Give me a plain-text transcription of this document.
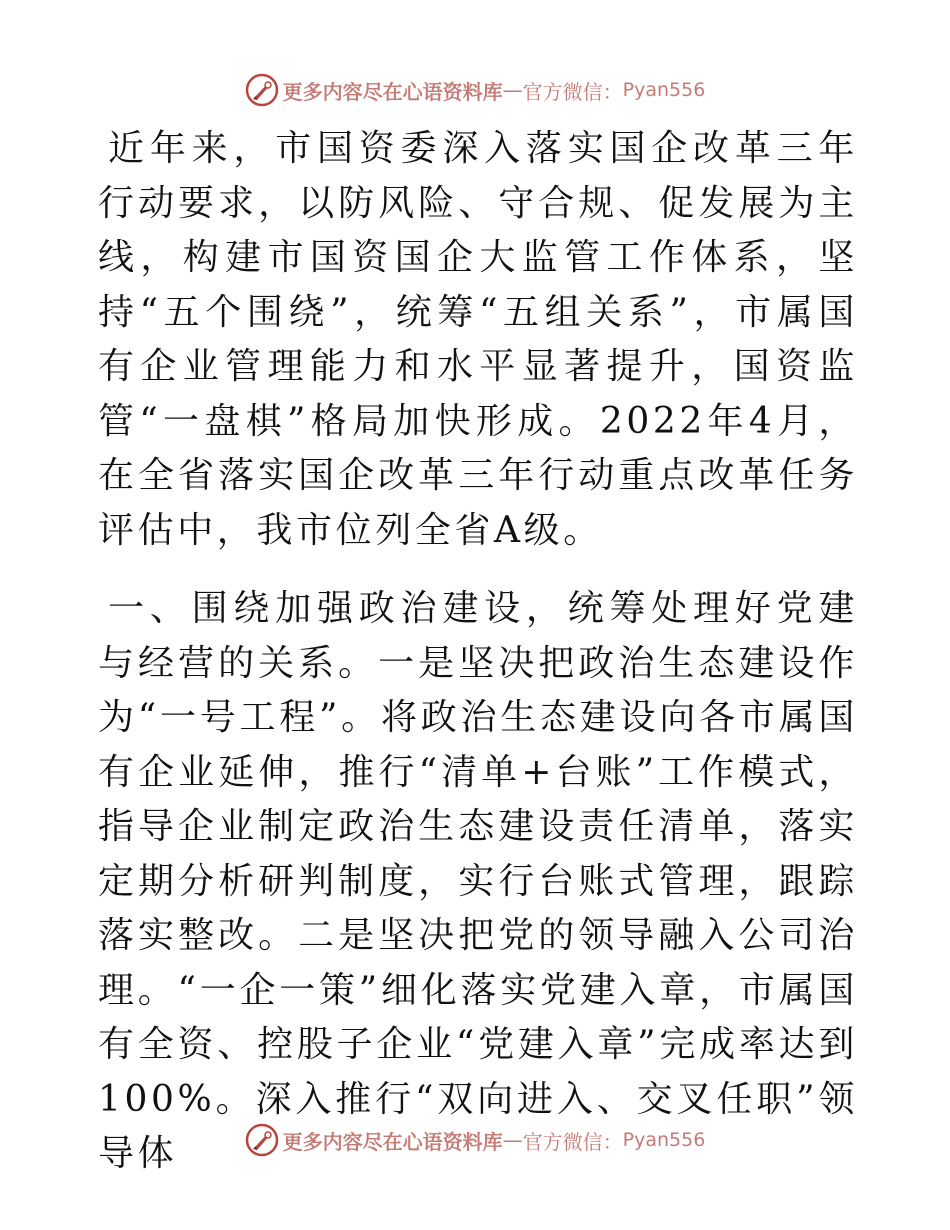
更多内容尽在心语资料库 — 官方微信： Pyan556

近年来，市国资委深入落实国企改革三年行动要求，以防风险、守合规、促发展为主线，构建市国资国企大监管工作体系，坚持“五个围绕”，统筹“五组关系”，市属国有企业管理能力和水平显著提升，国资监管“一盘棋”格局加快形成。2022年4月，在全省落实国企改革三年行动重点改革任务评估中，我市位列全省A级。

一、围绕加强政治建设，统筹处理好党建与经营的关系。一是坚决把政治生态建设作为“一号工程”。将政治生态建设向各市属国有企业延伸，推行“清单+台账”工作模式，指导企业制定政治生态建设责任清单，落实定期分析研判制度，实行台账式管理，跟踪落实整改。二是坚决把党的领导融入公司治理。“一企一策”细化落实党建入章，市属国有全资、控股子企业“党建入章”完成率达到100%。深入推行“双向进入、交叉任职”领导体	更多内容尽在心语资料库 — 官方微信： Pyan556
